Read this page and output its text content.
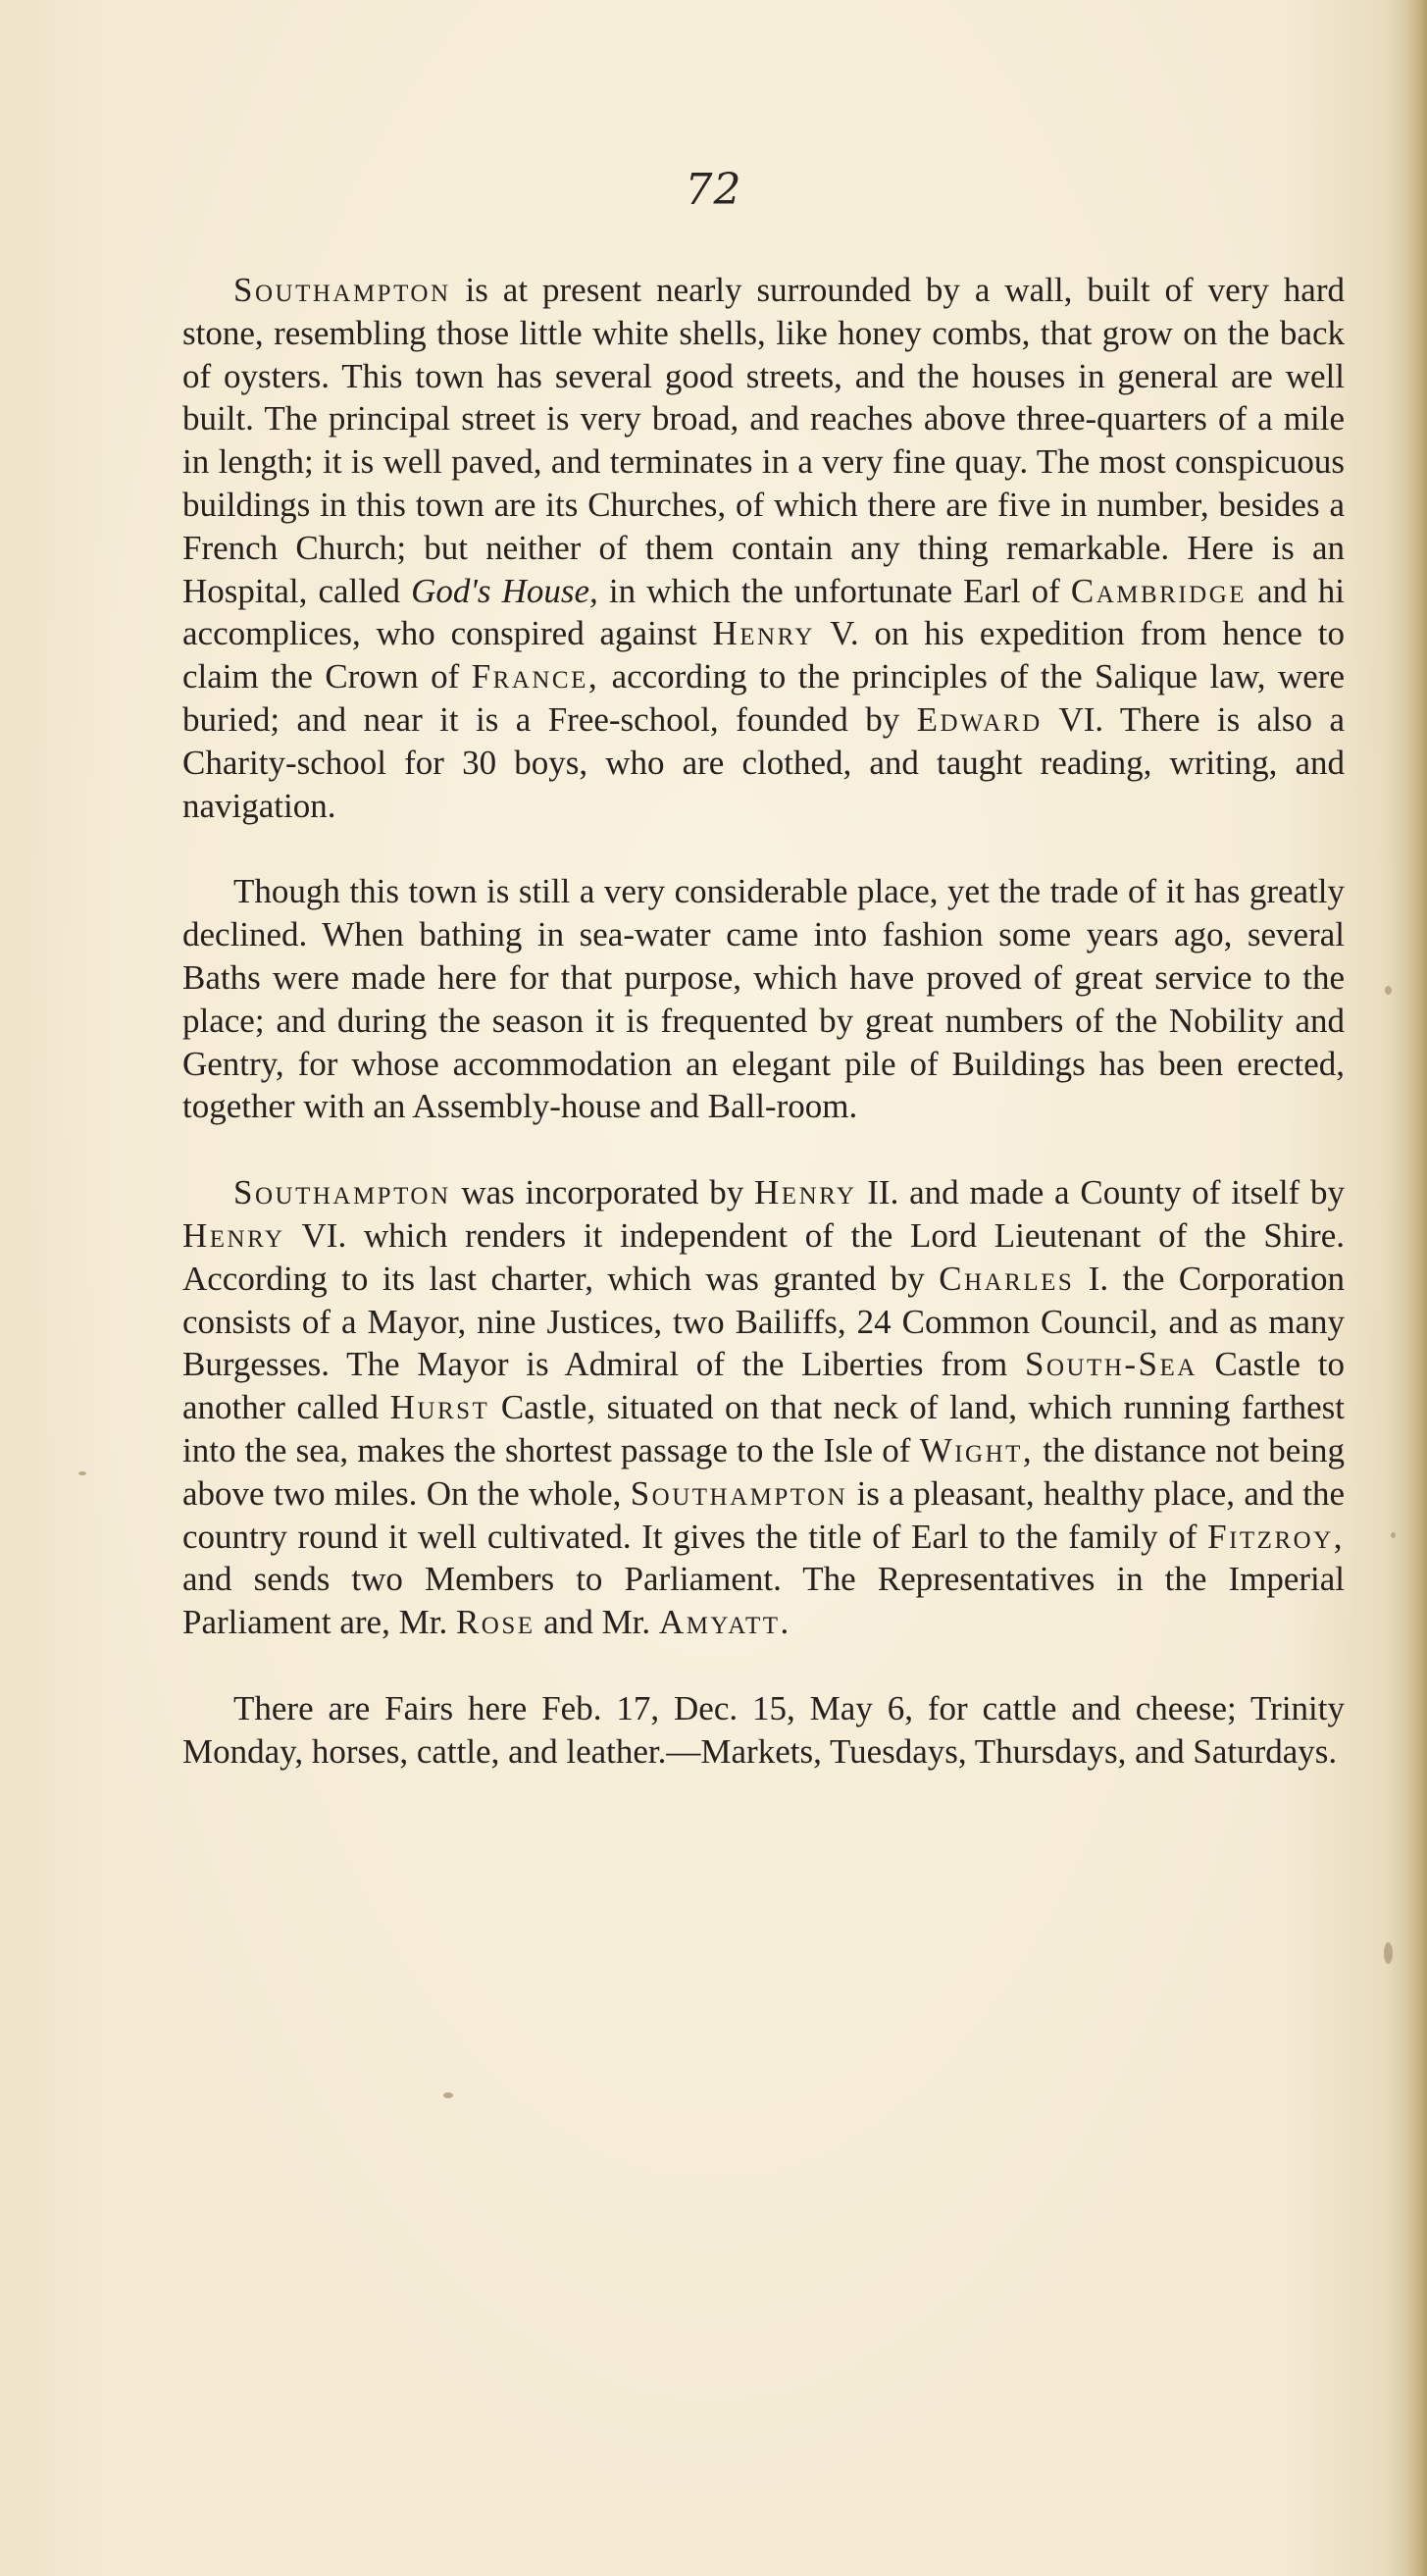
72

Southampton is at present nearly surrounded by a wall, built of very hard stone, resembling those little white shells, like honey combs, that grow on the back of oysters. This town has several good streets, and the houses in general are well built. The principal street is very broad, and reaches above three-quarters of a mile in length; it is well paved, and terminates in a very fine quay. The most conspicuous buildings in this town are its Churches, of which there are five in number, besides a French Church; but neither of them contain any thing remarkable. Here is an Hospital, called God's House, in which the unfortunate Earl of Cambridge and hi accomplices, who conspired against Henry V. on his expedition from hence to claim the Crown of France, according to the principles of the Salique law, were buried; and near it is a Free-school, founded by Edward VI. There is also a Charity-school for 30 boys, who are clothed, and taught reading, writing, and navigation.

Though this town is still a very considerable place, yet the trade of it has greatly declined. When bathing in sea-water came into fashion some years ago, several Baths were made here for that purpose, which have proved of great service to the place; and during the season it is frequented by great numbers of the Nobility and Gentry, for whose accommodation an elegant pile of Buildings has been erected, together with an Assembly-house and Ball-room.

Southampton was incorporated by Henry II. and made a County of itself by Henry VI. which renders it independent of the Lord Lieutenant of the Shire. According to its last charter, which was granted by Charles I. the Corporation consists of a Mayor, nine Justices, two Bailiffs, 24 Common Council, and as many Burgesses. The Mayor is Admiral of the Liberties from South-Sea Castle to another called Hurst Castle, situated on that neck of land, which running farthest into the sea, makes the shortest passage to the Isle of Wight, the distance not being above two miles. On the whole, Southampton is a pleasant, healthy place, and the country round it well cultivated. It gives the title of Earl to the family of Fitzroy, and sends two Members to Parliament. The Representatives in the Imperial Parliament are, Mr. Rose and Mr. Amyatt.

There are Fairs here Feb. 17, Dec. 15, May 6, for cattle and cheese; Trinity Monday, horses, cattle, and leather.—Markets, Tuesdays, Thursdays, and Saturdays.
